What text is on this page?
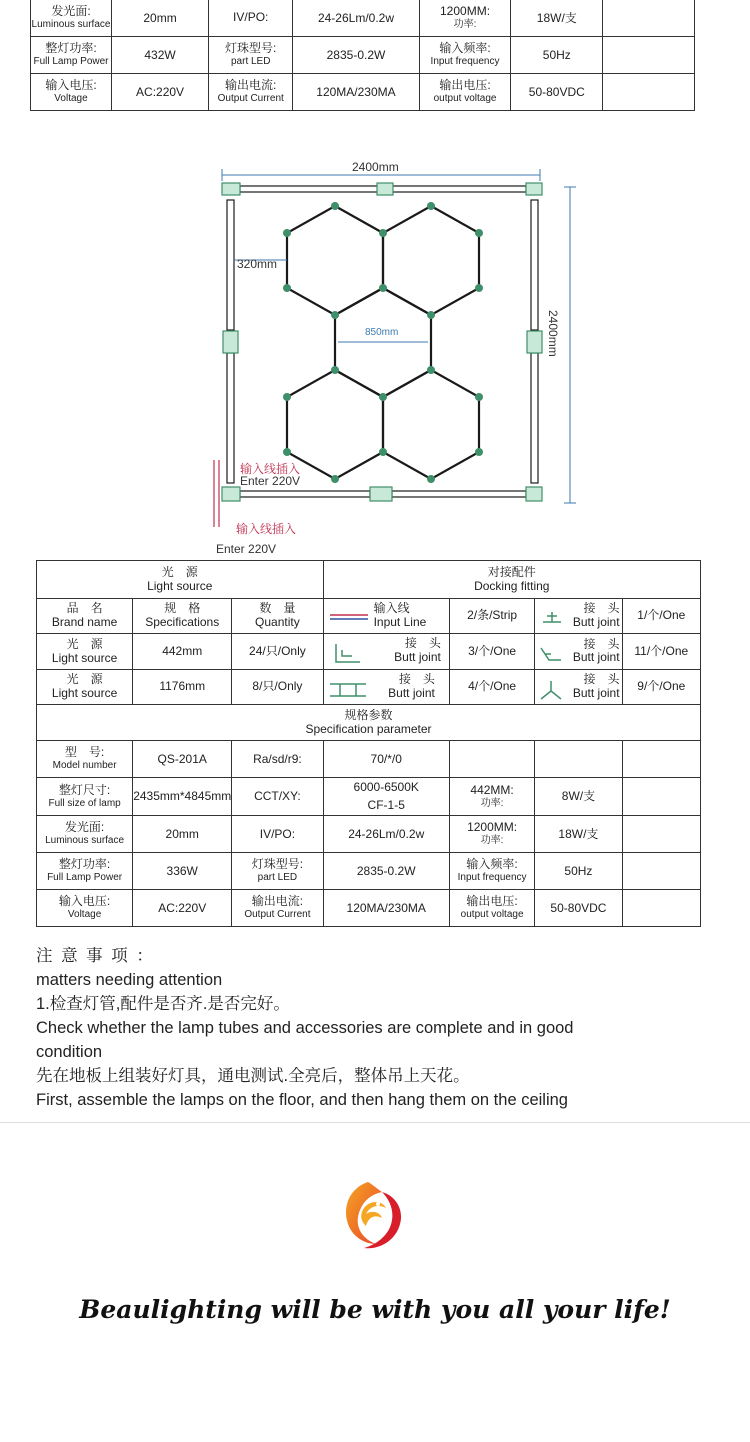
发光面:
Luminous surface	20mm	IV/PO:	24-26Lm/0.2w	1200MM:
功率:	18W/支	

整灯功率:
Full Lamp Power	432W	灯珠型号:
part LED	2835-0.2W	输入频率:
Input frequency	50Hz	

输入电压:
Voltage	AC:220V	输出电流:
Output Current	120MA/230MA	输出电压:
output voltage	50-80VDC	
2400mm
2400mm
320mm
850mm
输入线插入
Enter 220V
输入线插入
Enter 220V
光　源
Light source			对接配件
Docking fitting			

品　名
Brand name	规　格
Specifications	数　量
Quantity	输入线
Input Line	2/条/Strip	接　头
Butt joint	1/个/One

光　源
Light source	442mm	24/只/Only	接　头
Butt joint	3/个/One	接　头
Butt joint	11/个/One

光　源
Light source	1176mm	8/只/Only	接　头
Butt joint	4/个/One	接　头
Butt joint	9/个/One

规格参数
Specification parameter						

型　号:
Model number	QS-201A	Ra/sd/r9:	70/*/0			

整灯尺寸:
Full size of lamp	2435mm*4845mm	CCT/XY:	6000-6500K
CF-1-5	442MM:
功率:	8W/支	

发光面:
Luminous surface	20mm	IV/PO:	24-26Lm/0.2w	1200MM:
功率:	18W/支	

整灯功率:
Full Lamp Power	336W	灯珠型号:
part LED	2835-0.2W	输入频率:
Input frequency	50Hz	

输入电压:
Voltage	AC:220V	输出电流:
Output Current	120MA/230MA	输出电压:
output voltage	50-80VDC	
注 意 事 项 ：
matters needing attention
1.检查灯管,配件是否齐.是否完好。
Check whether the lamp tubes and accessories are complete and in good
condition
先在地板上组装好灯具，通电测试.全亮后，整体吊上天花。
First, assemble the lamps on the floor, and then hang them on the ceiling
Beaulighting will be with you all your life!
